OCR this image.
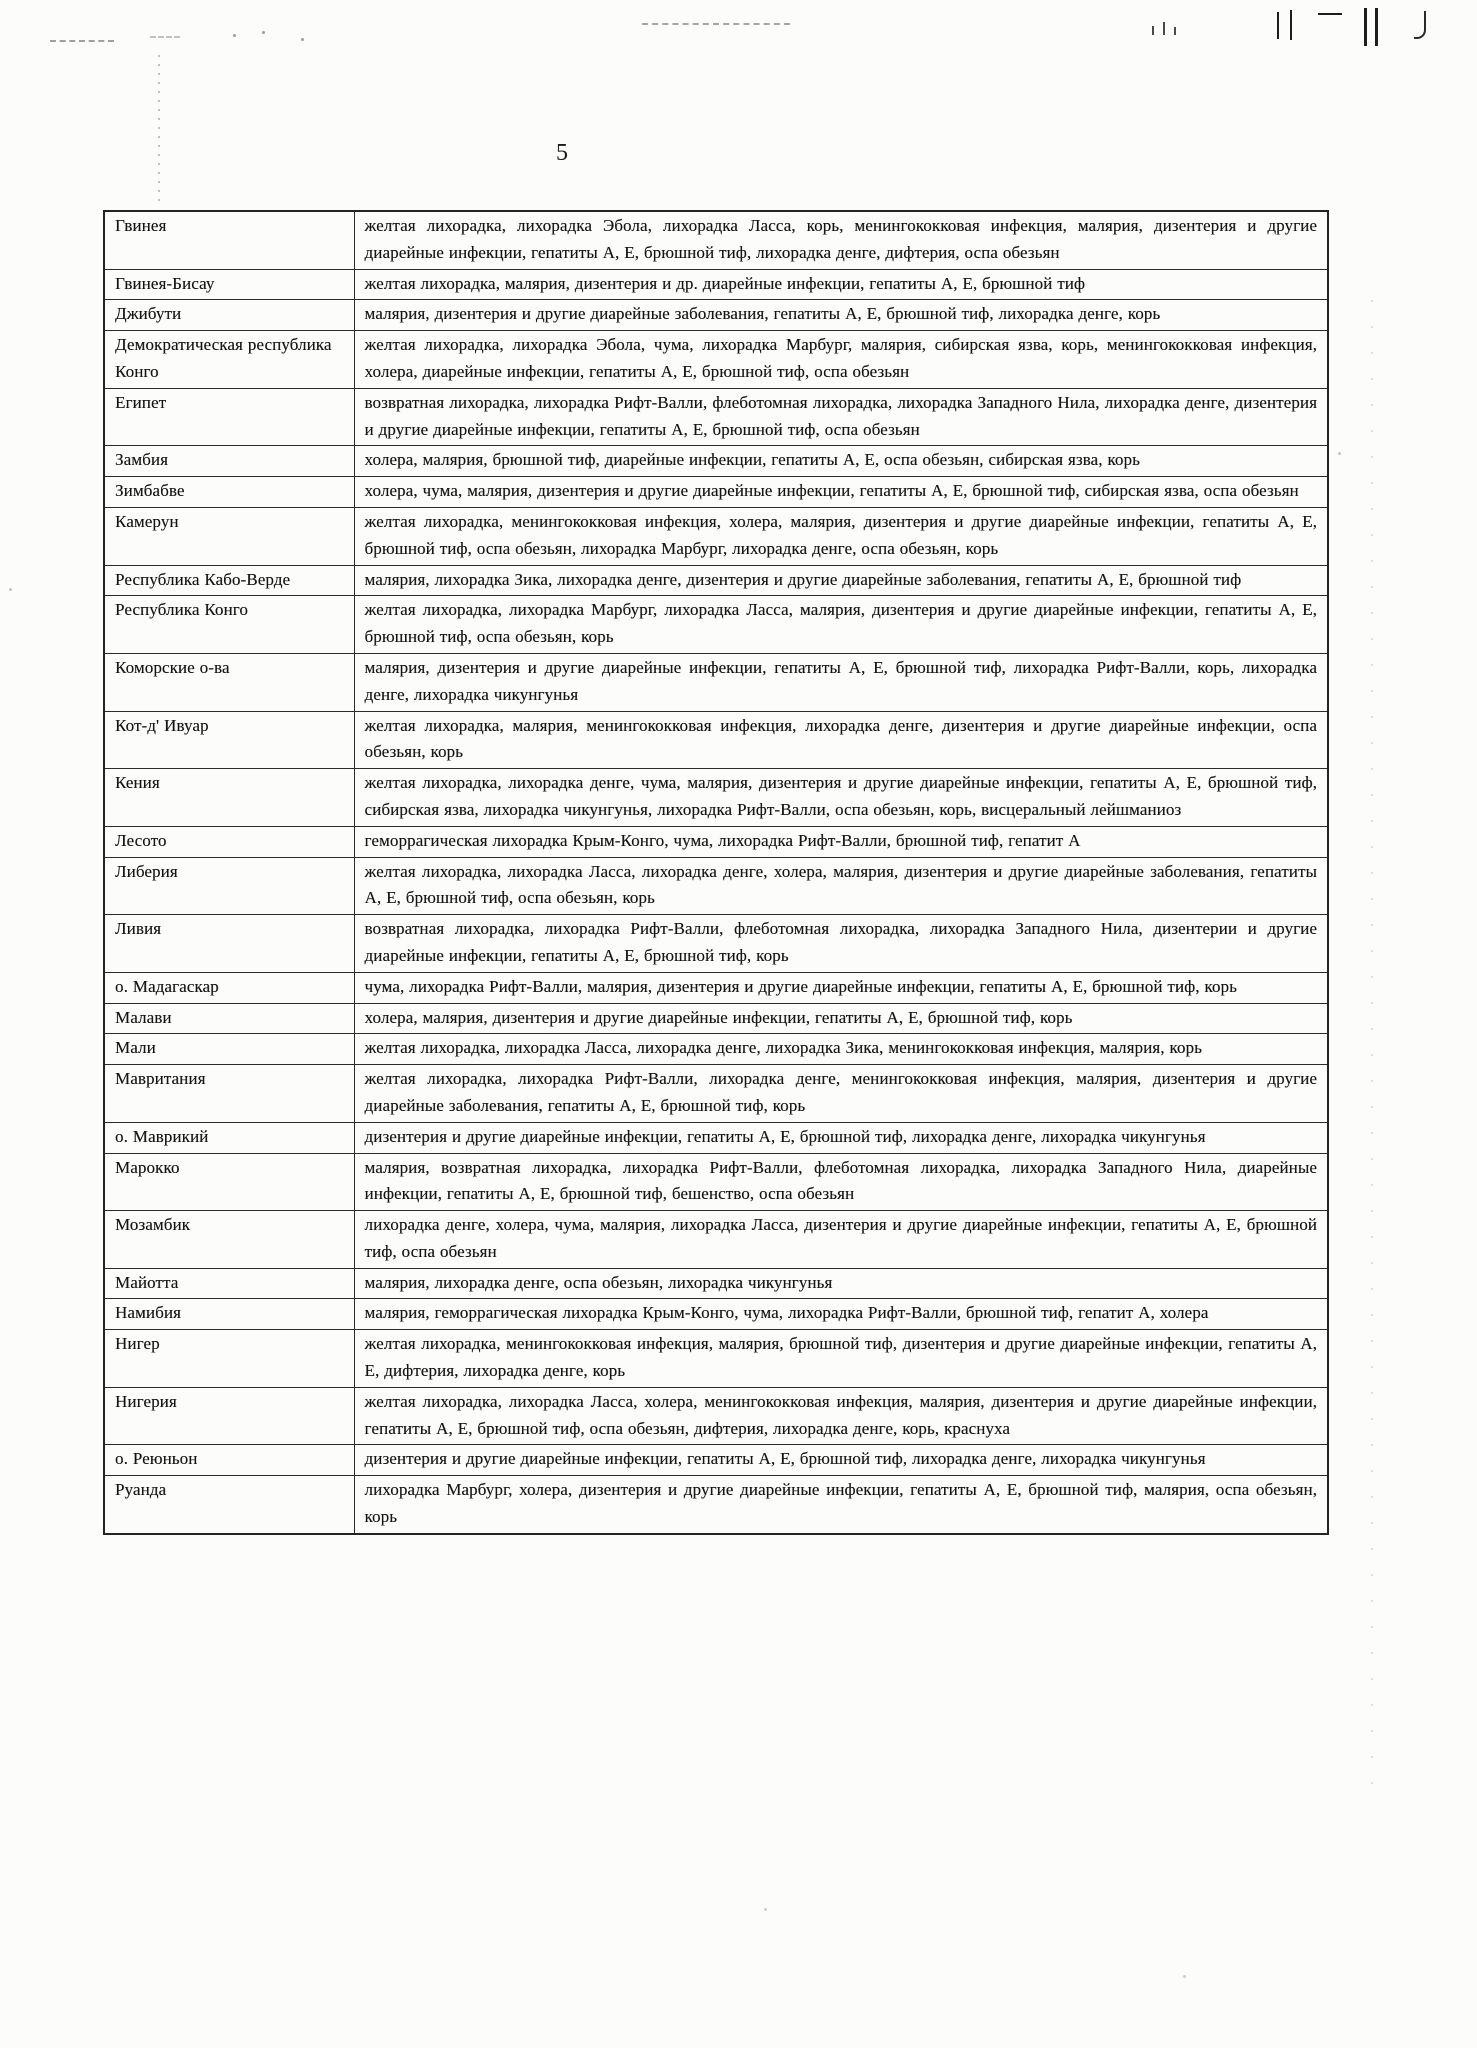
5
Гвинея	желтая лихорадка, лихорадка Эбола, лихорадка Ласса, корь, менингококковая инфекция, малярия, дизентерия и другие диарейные инфекции, гепатиты А, Е, брюшной тиф, лихорадка денге, дифтерия, оспа обезьян
Гвинея-Бисау	желтая лихорадка, малярия, дизентерия и др. диарейные инфекции, гепатиты А, Е, брюшной тиф
Джибути	малярия, дизентерия и другие диарейные заболевания, гепатиты А, Е, брюшной тиф, лихорадка денге, корь
Демократическая республика Конго	желтая лихорадка, лихорадка Эбола, чума, лихорадка Марбург, малярия, сибирская язва, корь, менингококковая инфекция, холера, диарейные инфекции, гепатиты А, Е, брюшной тиф, оспа обезьян
Египет	возвратная лихорадка, лихорадка Рифт-Валли, флеботомная лихорадка, лихорадка Западного Нила, лихорадка денге, дизентерия и другие диарейные инфекции, гепатиты А, Е, брюшной тиф, оспа обезьян
Замбия	холера, малярия, брюшной тиф, диарейные инфекции, гепатиты А, Е, оспа обезьян, сибирская язва, корь
Зимбабве	холера, чума, малярия, дизентерия и другие диарейные инфекции, гепатиты А, Е, брюшной тиф, сибирская язва, оспа обезьян
Камерун	желтая лихорадка, менингококковая инфекция, холера, малярия, дизентерия и другие диарейные инфекции, гепатиты А, Е, брюшной тиф, оспа обезьян, лихорадка Марбург, лихорадка денге, оспа обезьян, корь
Республика Кабо-Верде	малярия, лихорадка Зика, лихорадка денге, дизентерия и другие диарейные заболевания, гепатиты А, Е, брюшной тиф
Республика Конго	желтая лихорадка, лихорадка Марбург, лихорадка Ласса, малярия, дизентерия и другие диарейные инфекции, гепатиты А, Е, брюшной тиф, оспа обезьян, корь
Коморские о-ва	малярия, дизентерия и другие диарейные инфекции, гепатиты А, Е, брюшной тиф, лихорадка Рифт-Валли, корь, лихорадка денге, лихорадка чикунгунья
Кот-д' Ивуар	желтая лихорадка, малярия, менингококковая инфекция, лихорадка денге, дизентерия и другие диарейные инфекции, оспа обезьян, корь
Кения	желтая лихорадка, лихорадка денге, чума, малярия, дизентерия и другие диарейные инфекции, гепатиты А, Е, брюшной тиф, сибирская язва, лихорадка чикунгунья, лихорадка Рифт-Валли, оспа обезьян, корь, висцеральный лейшманиоз
Лесото	геморрагическая лихорадка Крым-Конго, чума, лихорадка Рифт-Валли, брюшной тиф, гепатит А
Либерия	желтая лихорадка, лихорадка Ласса, лихорадка денге, холера, малярия, дизентерия и другие диарейные заболевания, гепатиты А, Е, брюшной тиф, оспа обезьян, корь
Ливия	возвратная лихорадка, лихорадка Рифт-Валли, флеботомная лихорадка, лихорадка Западного Нила, дизентерии и другие диарейные инфекции, гепатиты А, Е, брюшной тиф, корь
о. Мадагаскар	чума, лихорадка Рифт-Валли, малярия, дизентерия и другие диарейные инфекции, гепатиты А, Е, брюшной тиф, корь
Малави	холера, малярия, дизентерия и другие диарейные инфекции, гепатиты А, Е, брюшной тиф, корь
Мали	желтая лихорадка, лихорадка Ласса, лихорадка денге, лихорадка Зика, менингококковая инфекция, малярия, корь
Мавритания	желтая лихорадка, лихорадка Рифт-Валли, лихорадка денге, менингококковая инфекция, малярия, дизентерия и другие диарейные заболевания, гепатиты А, Е, брюшной тиф, корь
о. Маврикий	дизентерия и другие диарейные инфекции, гепатиты А, Е, брюшной тиф, лихорадка денге, лихорадка чикунгунья
Марокко	малярия, возвратная лихорадка, лихорадка Рифт-Валли, флеботомная лихорадка, лихорадка Западного Нила, диарейные инфекции, гепатиты А, Е, брюшной тиф, бешенство, оспа обезьян
Мозамбик	лихорадка денге, холера, чума, малярия, лихорадка Ласса, дизентерия и другие диарейные инфекции, гепатиты А, Е, брюшной тиф, оспа обезьян
Майотта	малярия, лихорадка денге, оспа обезьян, лихорадка чикунгунья
Намибия	малярия, геморрагическая лихорадка Крым-Конго, чума, лихорадка Рифт-Валли, брюшной тиф, гепатит А, холера
Нигер	желтая лихорадка, менингококковая инфекция, малярия, брюшной тиф, дизентерия и другие диарейные инфекции, гепатиты А, Е, дифтерия, лихорадка денге, корь
Нигерия	желтая лихорадка, лихорадка Ласса, холера, менингококковая инфекция, малярия, дизентерия и другие диарейные инфекции, гепатиты А, Е, брюшной тиф, оспа обезьян, дифтерия, лихорадка денге, корь, краснуха
о. Реюньон	дизентерия и другие диарейные инфекции, гепатиты А, Е, брюшной тиф, лихорадка денге, лихорадка чикунгунья
Руанда	лихорадка Марбург, холера, дизентерия и другие диарейные инфекции, гепатиты А, Е, брюшной тиф, малярия, оспа обезьян, корь
